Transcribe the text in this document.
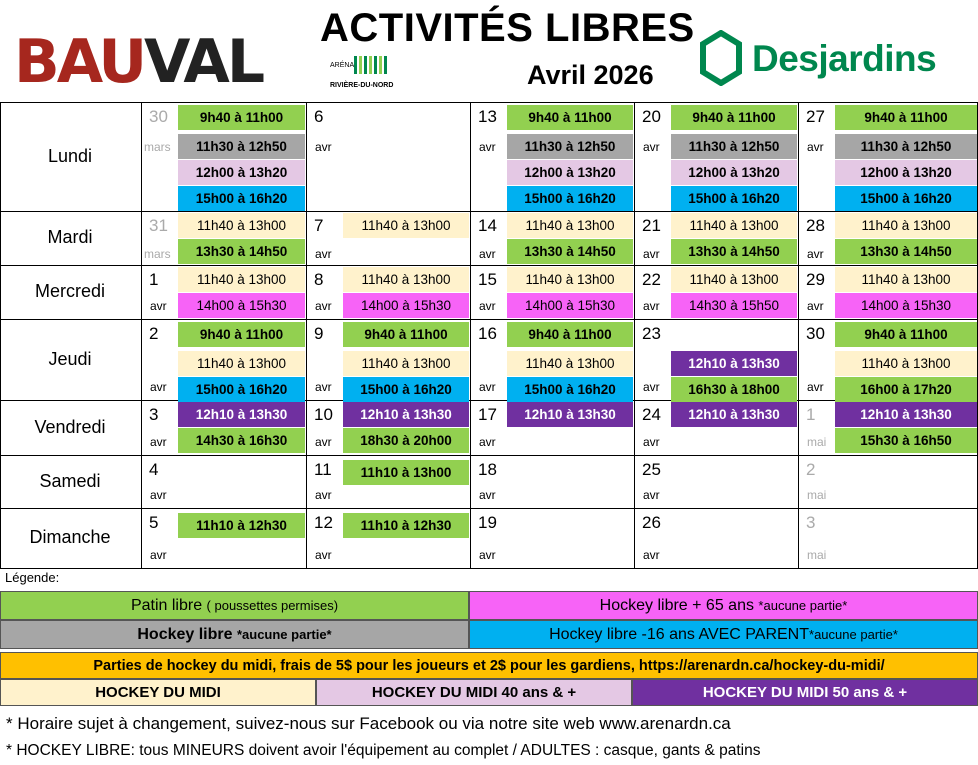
BAUVAL ACTIVITÉS LIBRES
Avril 2026
ARÉNA
RIVIÈRE-DU-NORD
Desjardins
Lundi
30
mars
9h40 à 11h00
11h30 à 12h50
12h00 à 13h20
15h00 à 16h20
6
avr
13
avr
9h40 à 11h00
11h30 à 12h50
12h00 à 13h20
15h00 à 16h20
20
avr
9h40 à 11h00
11h30 à 12h50
12h00 à 13h20
15h00 à 16h20
27
avr
9h40 à 11h00
11h30 à 12h50
12h00 à 13h20
15h00 à 16h20
Mardi
31
mars
11h40 à 13h00
13h30 à 14h50
7
avr
11h40 à 13h00	14
avr
11h40 à 13h00
13h30 à 14h50
21
avr
11h40 à 13h00
13h30 à 14h50
28
avr
11h40 à 13h00
13h30 à 14h50
Mercredi
1
avr
11h40 à 13h00
14h00 à 15h30
8
avr
11h40 à 13h00
14h00 à 15h30
15
avr
11h40 à 13h00
14h00 à 15h30
22
avr
11h40 à 13h00
14h30 à 15h50
29
avr
11h40 à 13h00
14h00 à 15h30
Jeudi
2
avr
9h40 à 11h00
11h40 à 13h00
15h00 à 16h20
9
avr
9h40 à 11h00
11h40 à 13h00
15h00 à 16h20
16
avr
9h40 à 11h00
11h40 à 13h00
15h00 à 16h20
23
avr
12h10 à 13h30
16h30 à 18h00
30
avr
9h40 à 11h00
11h40 à 13h00
16h00 à 17h20
Vendredi
3
avr
12h10 à 13h30
14h30 à 16h30
10
avr
12h10 à 13h30
18h30 à 20h00
17
avr
12h10 à 13h30	24
avr
12h10 à 13h30	1
mai
12h10 à 13h30
15h30 à 16h50
Samedi
4
avr
11
avr
11h10 à 13h00	18
avr
25
avr
2
mai
Dimanche
5
avr
11h10 à 12h30	12
avr
11h10 à 12h30	19
avr
26
avr
3
mai
Légende:
Patin libre ( poussettes permises)	Hockey libre + 65 ans *aucune partie*
Hockey libre *aucune partie*	Hockey libre -16 ans AVEC PARENT*aucune partie*
Parties de hockey du midi, frais de 5$ pour les joueurs et 2$ pour les gardiens, https://arenardn.ca/hockey-du-midi/
HOCKEY DU MIDI	HOCKEY DU MIDI 40 ans & +	HOCKEY DU MIDI 50 ans & +
* Horaire sujet à changement, suivez-nous sur Facebook ou via notre site web www.arenardn.ca
* HOCKEY LIBRE: tous MINEURS doivent avoir l'équipement au complet / ADULTES : casque, gants & patins
